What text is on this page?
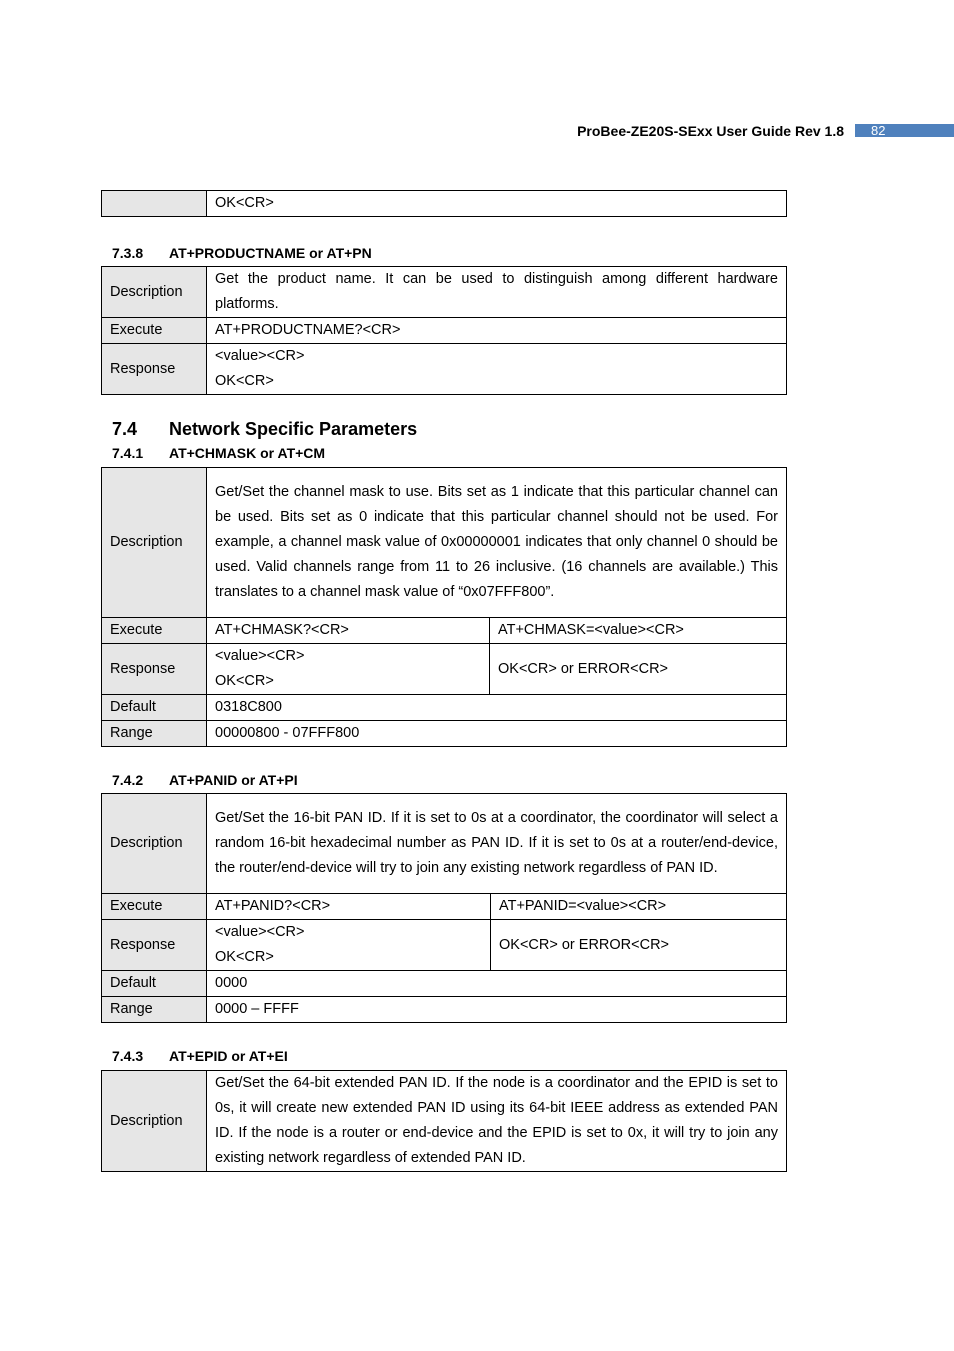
ProBee-ZE20S-SExx User Guide Rev 1.8	82
	OK<CR>
7.3.8 AT+PRODUCTNAME or AT+PN
Description	Get the product name. It can be used to distinguish among different hardware platforms.
Execute	AT+PRODUCTNAME?<CR>
Response	<value><CR>
OK<CR>
7.4 Network Specific Parameters
7.4.1 AT+CHMASK or AT+CM
Description	Get/Set the channel mask to use. Bits set as 1 indicate that this particular channel can be used. Bits set as 0 indicate that this particular channel should not be used. For example, a channel mask value of 0x00000001 indicates that only channel 0 should be used. Valid channels range from 11 to 26 inclusive. (16 channels are available.) This translates to a channel mask value of “0x07FFF800”.	
Execute	AT+CHMASK?<CR>	AT+CHMASK=<value><CR>
Response	<value><CR>
OK<CR>	OK<CR> or ERROR<CR>
Default	0318C800	
Range	00000800 - 07FFF800	
7.4.2 AT+PANID or AT+PI
Description	Get/Set the 16-bit PAN ID. If it is set to 0s at a coordinator, the coordinator will select a random 16-bit hexadecimal number as PAN ID. If it is set to 0s at a router/end-device, the router/end-device will try to join any existing network regardless of PAN ID.	
Execute	AT+PANID?<CR>	AT+PANID=<value><CR>
Response	<value><CR>
OK<CR>	OK<CR> or ERROR<CR>
Default	0000	
Range	0000 – FFFF	
7.4.3 AT+EPID or AT+EI
Description	Get/Set the 64-bit extended PAN ID. If the node is a coordinator and the EPID is set to 0s, it will create new extended PAN ID using its 64-bit IEEE address as extended PAN ID. If the node is a router or end-device and the EPID is set to 0x, it will try to join any existing network regardless of extended PAN ID.
